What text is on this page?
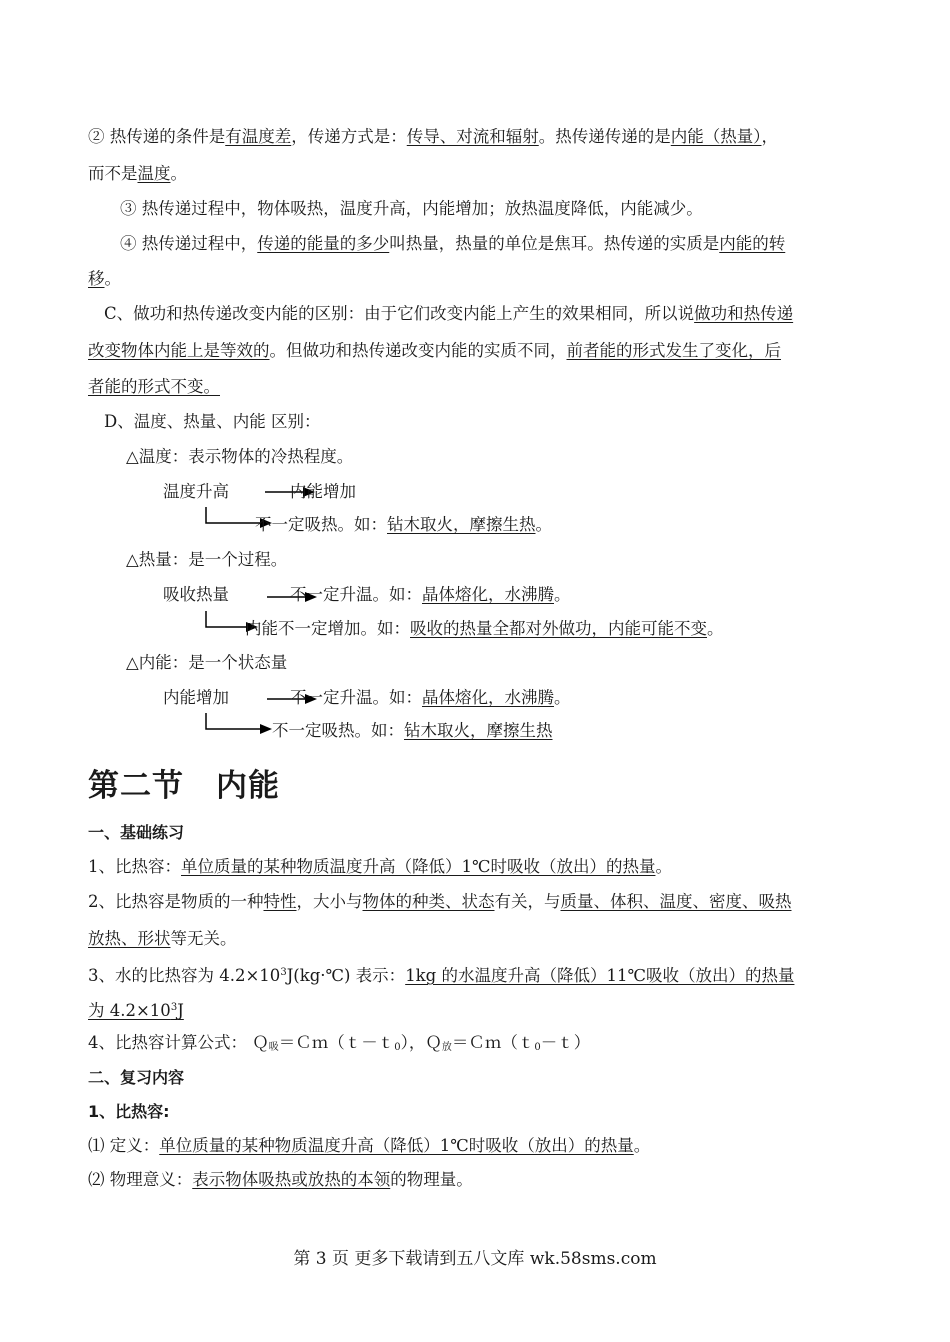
② 热传递的条件是有温度差，传递方式是：传导、对流和辐射。热传递传递的是内能（热量），
而不是温度。
③ 热传递过程中，物体吸热，温度升高，内能增加；放热温度降低，内能减少。
④ 热传递过程中，传递的能量的多少叫热量，热量的单位是焦耳。热传递的实质是内能的转
移。
C、做功和热传递改变内能的区别：由于它们改变内能上产生的效果相同，所以说做功和热传递
改变物体内能上是等效的。但做功和热传递改变内能的实质不同，前者能的形式发生了变化，后
者能的形式不变。
D、温度、热量、内能 区别：
△温度：表示物体的冷热程度。
温度升高	内能增加
不一定吸热。如：钻木取火，摩擦生热。
△热量：是一个过程。
吸收热量	不一定升温。如：晶体熔化，水沸腾。
内能不一定增加。如：吸收的热量全都对外做功，内能可能不变。
△内能：是一个状态量
内能增加	不一定升温。如：晶体熔化，水沸腾。
不一定吸热。如：钻木取火，摩擦生热
第二节　内能
一、基础练习
1、比热容：单位质量的某种物质温度升高（降低）1℃时吸收（放出）的热量。
2、比热容是物质的一种特性，大小与物体的种类、状态有关，与质量、体积、温度、密度、吸热
放热、形状等无关。
3、水的比热容为 $4.2\times 10^3J(kg\cdot℃)$ 表示：1kg 的水温度升高（降低）11℃吸收（放出）的热量
为 $4.2\times 10^3J$
4、比热容计算公式： Ｑ$_吸$＝Ｃｍ（ｔ－ｔ$_0$），Ｑ$_放$＝Ｃｍ（ｔ$_0$－ｔ）
二、复习内容
1、比热容:
⑴ 定义：单位质量的某种物质温度升高（降低）1℃时吸收（放出）的热量。
⑵ 物理意义：表示物体吸热或放热的本领的物理量。
第 3 页 更多下载请到五八文库 wk.58sms.com
